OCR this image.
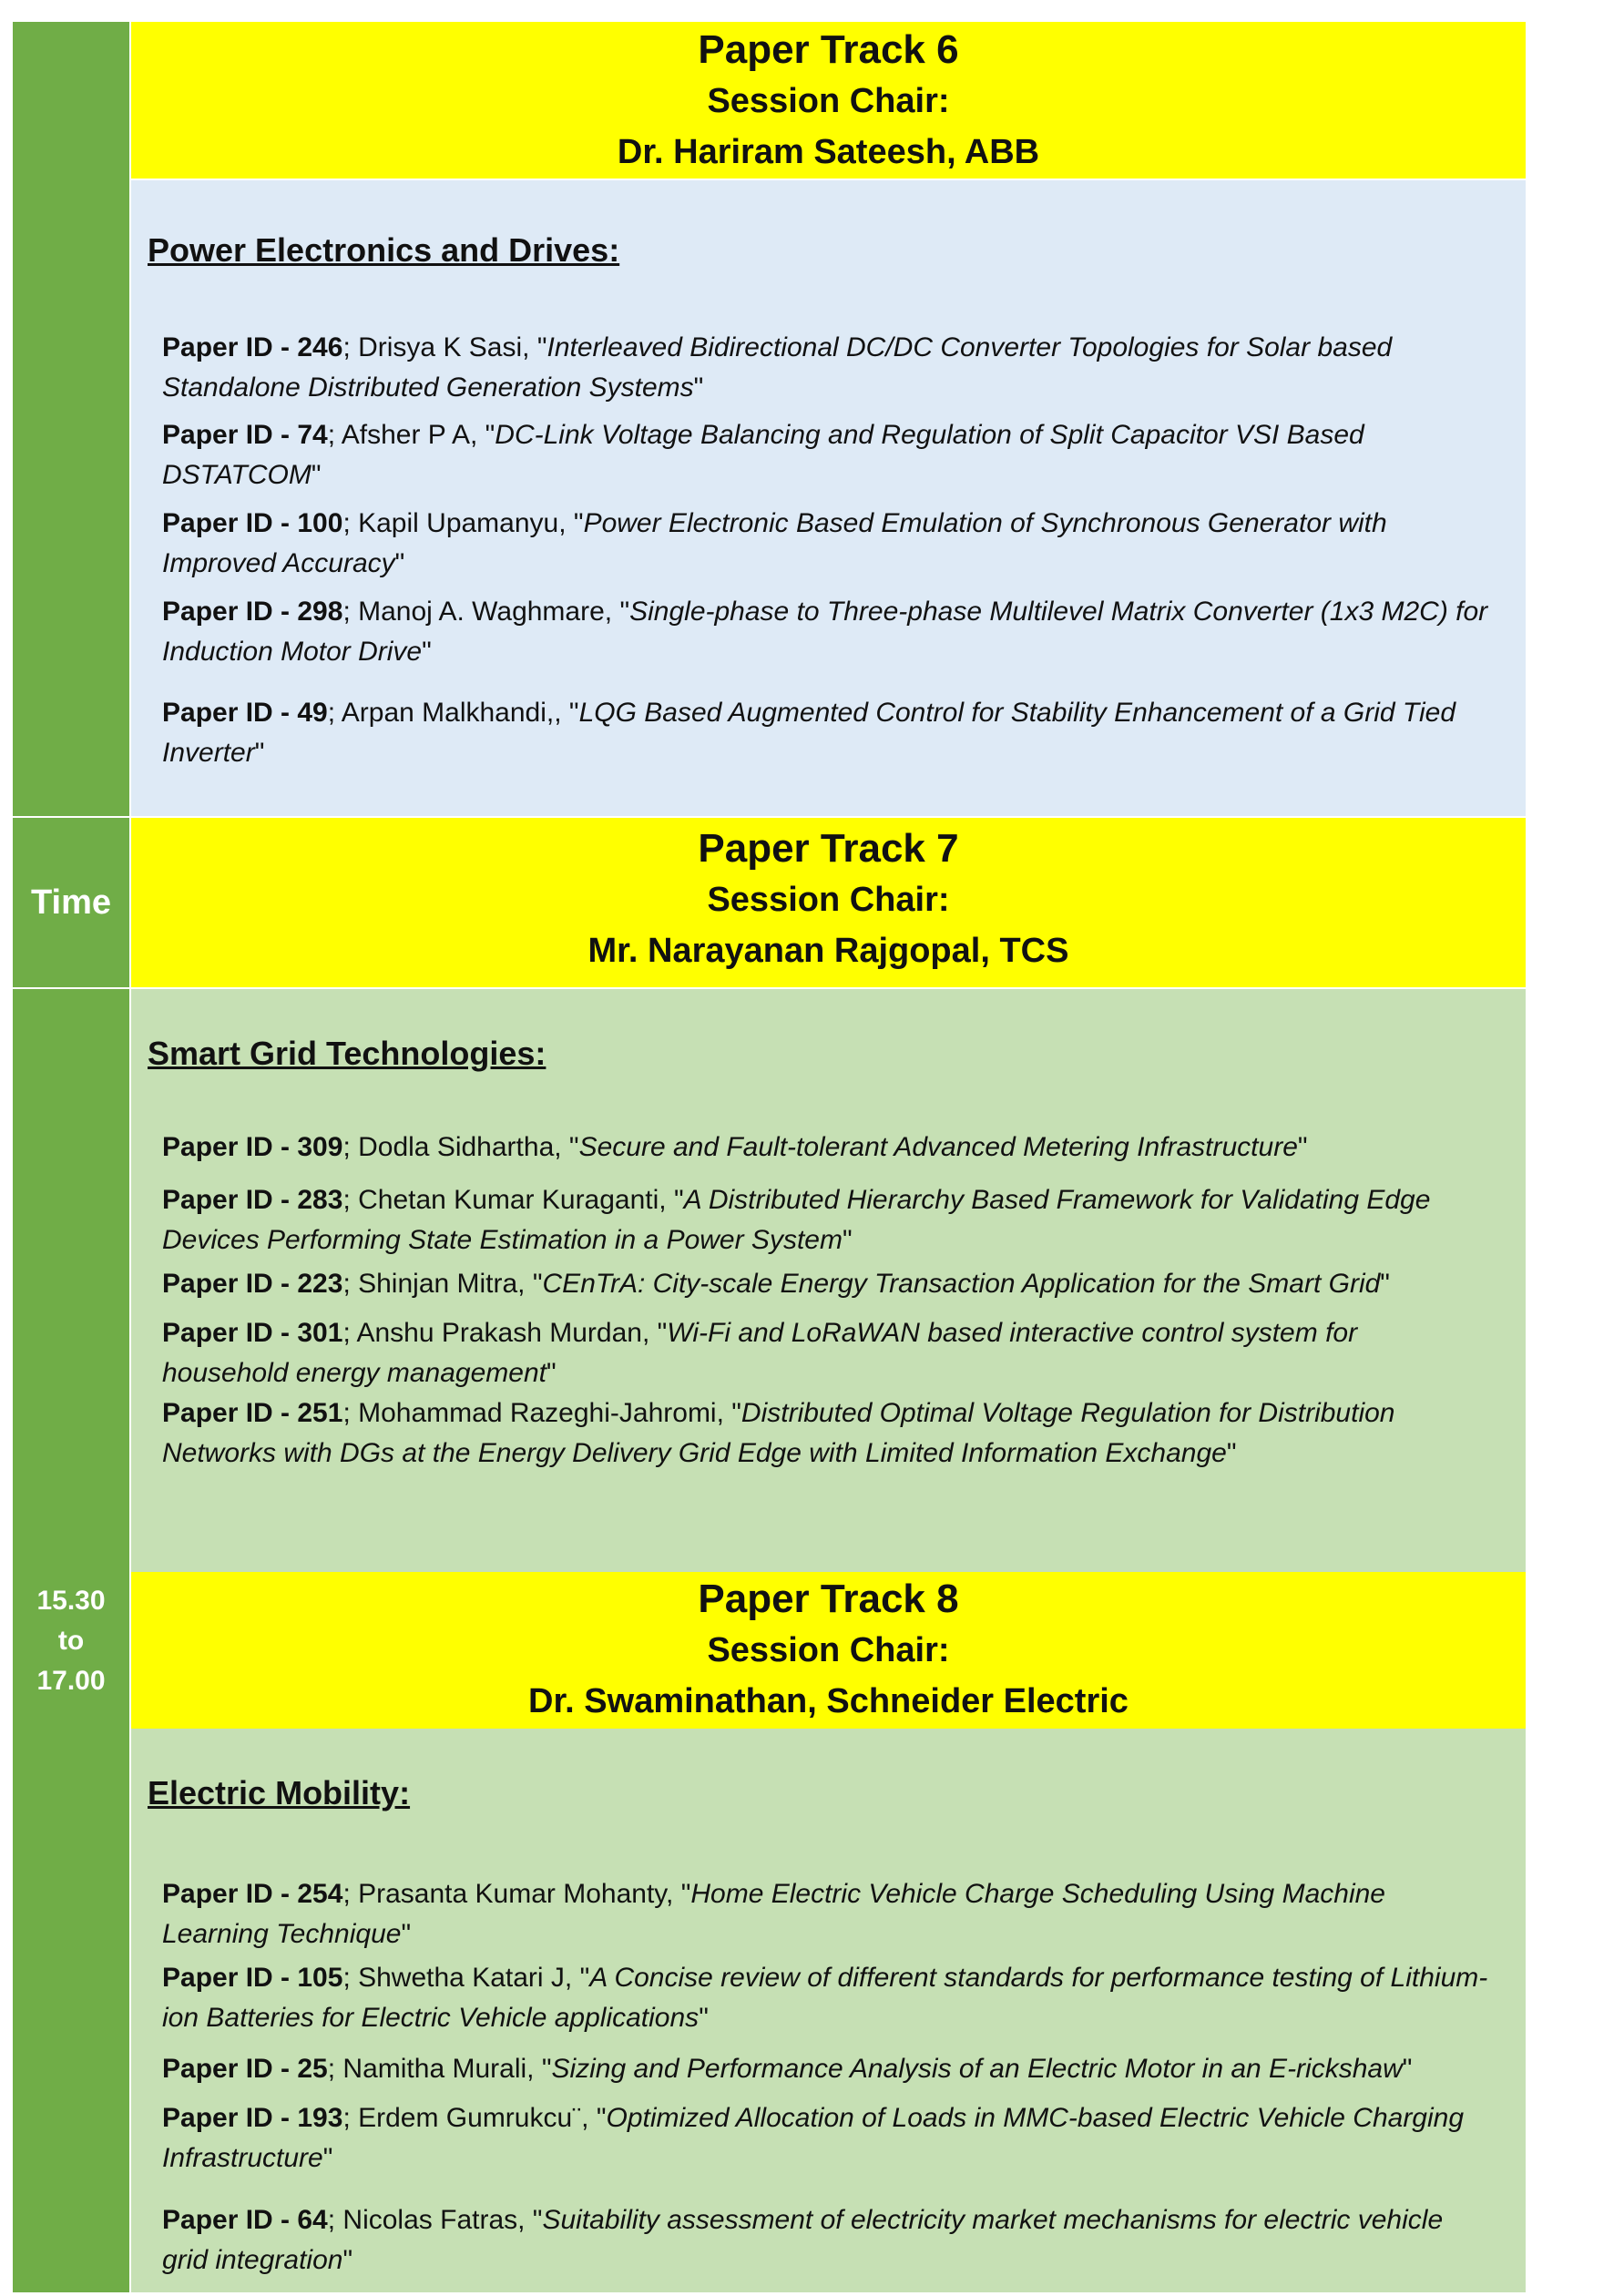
Time
15.30
to
17.00
Paper Track 6
Session Chair:
Dr. Hariram Sateesh, ABB
Power Electronics and Drives:
Paper ID - 246; Drisya K Sasi, "Interleaved Bidirectional DC/DC Converter Topologies for Solar based Standalone Distributed Generation Systems"
Paper ID - 74; Afsher P A, "DC-Link Voltage Balancing and Regulation of Split Capacitor VSI Based DSTATCOM"
Paper ID - 100; Kapil Upamanyu, "Power Electronic Based Emulation of Synchronous Generator with Improved Accuracy"
Paper ID - 298; Manoj A. Waghmare, "Single-phase to Three-phase Multilevel Matrix Converter (1x3 M2C) for Induction Motor Drive"
Paper ID - 49; Arpan Malkhandi,, "LQG Based Augmented Control for Stability Enhancement of a Grid Tied Inverter"
Paper Track 7
Session Chair:
Mr. Narayanan Rajgopal, TCS
Smart Grid Technologies:
Paper ID - 309; Dodla Sidhartha, "Secure and Fault-tolerant Advanced Metering Infrastructure"
Paper ID - 283; Chetan Kumar Kuraganti, "A Distributed Hierarchy Based Framework for Validating Edge Devices Performing State Estimation in a Power System"
Paper ID - 223; Shinjan Mitra, "CEnTrA: City-scale Energy Transaction Application for the Smart Grid"
Paper ID - 301; Anshu Prakash Murdan, "Wi-Fi and LoRaWAN based interactive control system for household energy management"
Paper ID - 251; Mohammad Razeghi-Jahromi, "Distributed Optimal Voltage Regulation for Distribution Networks with DGs at the Energy Delivery Grid Edge with Limited Information Exchange"
Paper Track 8
Session Chair:
Dr. Swaminathan, Schneider Electric
Electric Mobility:
Paper ID - 254; Prasanta Kumar Mohanty, "Home Electric Vehicle Charge Scheduling Using Machine Learning Technique"
Paper ID - 105; Shwetha Katari J, "A Concise review of different standards for performance testing of Lithium-ion Batteries for Electric Vehicle applications"
Paper ID - 25; Namitha Murali, "Sizing and Performance Analysis of an Electric Motor in an E-rickshaw"
Paper ID - 193; Erdem Gumrukcu¨, "Optimized Allocation of Loads in MMC-based Electric Vehicle Charging Infrastructure"
Paper ID - 64; Nicolas Fatras, "Suitability assessment of electricity market mechanisms for electric vehicle grid integration"
